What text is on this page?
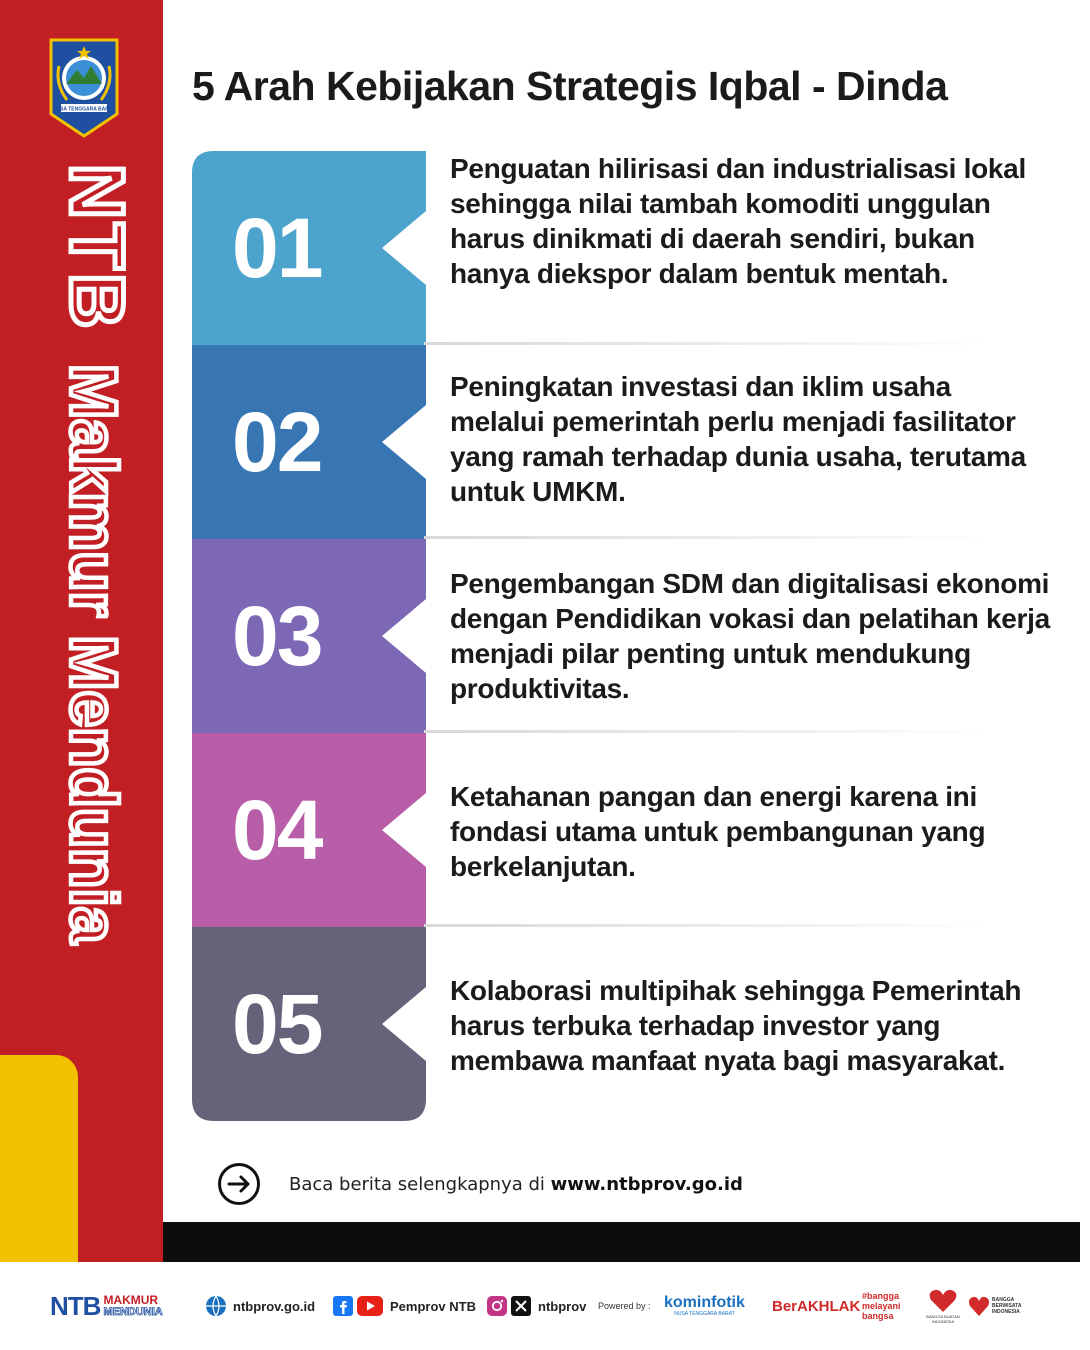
NUSA TENGGARA BARAT
NTB
Makmur Mendunia
5 Arah Kebijakan Strategis Iqbal - Dinda
01

Penguatan hilirisasi dan industrialisasi lokal sehingga nilai tambah komoditi unggulan harus dinikmati di daerah sendiri, bukan hanya diekspor dalam bentuk mentah.

02

Peningkatan investasi dan iklim usaha melalui pemerintah perlu menjadi fasilitator yang ramah terhadap dunia usaha, terutama untuk UMKM.

03

Pengembangan SDM dan digitalisasi ekonomi dengan Pendidikan vokasi dan pelatihan kerja menjadi pilar penting untuk mendukung produktivitas.

04	Ketahanan pangan dan energi karena ini fondasi utama untuk pembangunan yang berkelanjutan.

05	Kolaborasi multipihak sehingga Pemerintah harus terbuka terhadap investor yang membawa manfaat nyata bagi masyarakat.

Baca berita selengkapnya di www.ntbprov.go.id
NTB MAKMUR
MENDUNIA	ntbprov.go.id	Pemprov NTB	ntbprov Powered by : kominfotik
NUSA TENGGARA BARAT BerAKHLAK
#bangga melayani bangsa	BANGGA BUATAN INDONESIA
BANGGA BERWISATA INDONESIA
